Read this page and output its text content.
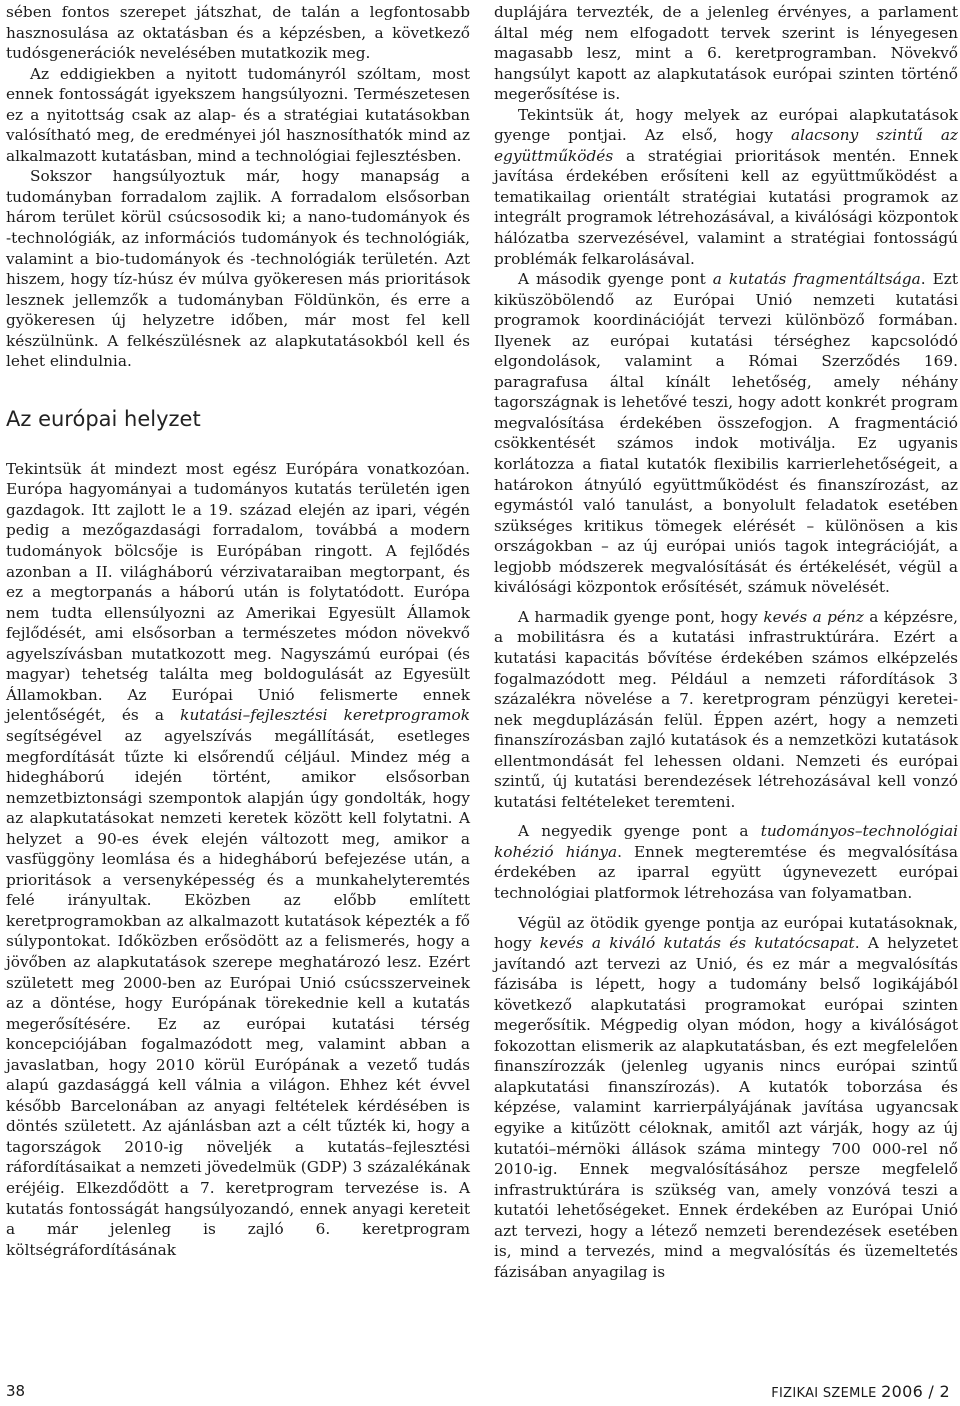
sében fontos szerepet játszhat, de talán a legfontosabb hasznosulása az oktatásban és a képzésben, a következő tudósgenerációk nevelésében mutatkozik meg.

Az eddigiekben a nyitott tudományról szóltam, most ennek fontosságát igyekszem hangsúlyozni. Természetesen ez a nyitottság csak az alap- és a stratégiai kutatásokban valósítható meg, de eredményei jól hasznosíthatók mind az alkalmazott kutatásban, mind a technológiai fejlesztésben.

Sokszor hangsúlyoztuk már, hogy manapság a tudományban forradalom zajlik. A forradalom elsősorban három terület körül csúcsosodik ki; a nano-tudományok és -technológiák, az információs tudományok és technológiák, valamint a bio-tudományok és -technológiák területén. Azt hiszem, hogy tíz-húsz év múlva gyökeresen más prioritások lesznek jellemzők a tudományban Földünkön, és erre a gyökeresen új helyzetre időben, már most fel kell készülnünk. A felkészülésnek az alapkutatásokból kell és lehet elindulnia.

Az európai helyzet

Tekintsük át mindezt most egész Európára vonatkozóan. Európa hagyományai a tudományos kutatás területén igen gazdagok. Itt zajlott le a 19. század elején az ipari, végén pedig a mezőgazdasági forradalom, továbbá a modern tudományok bölcsője is Európában ringott. A fejlődés azonban a II. világháború vérzivataraiban megtorpant, és ez a megtorpanás a háború után is folytatódott. Európa nem tudta ellensúlyozni az Amerikai Egyesült Államok fejlődését, ami elsősorban a természetes módon növekvő agyelszívásban mutatkozott meg. Nagyszámú európai (és magyar) tehetség találta meg boldogulását az Egyesült Államokban. Az Európai Unió felismerte ennek jelentőségét, és a kutatási–fejlesztési keretprogramok segítségével az agyelszívás megállítását, esetleges megfordítását tűzte ki elsőrendű céljául. Mindez még a hidegháború idején történt, amikor elsősorban nemzetbiztonsági szempontok alapján úgy gondolták, hogy az alapkutatásokat nemzeti keretek között kell folytatni. A helyzet a 90-es évek elején változott meg, amikor a vasfüggöny leomlása és a hidegháború befejezése után, a prioritások a versenyképesség és a munkahelyteremtés felé irányultak. Eközben az előbb említett keretprogramokban az alkalmazott kutatások képezték a fő súlypontokat. Időközben erősödött az a felismerés, hogy a jövőben az alapkutatások szerepe meghatározó lesz. Ezért született meg 2000-ben az Európai Unió csúcsszerveinek az a döntése, hogy Európának törekednie kell a kutatás megerősítésére. Ez az európai kutatási térség koncepciójában fogalmazódott meg, valamint abban a javaslatban, hogy 2010 körül Európának a vezető tudás alapú gazdasággá kell válnia a világon. Ehhez két évvel később Barcelonában az anyagi feltételek kérdésében is döntés született. Az ajánlásban azt a célt tűzték ki, hogy a tagországok 2010-ig növeljék a kutatás–fejlesztési ráfordításaikat a nemzeti jövedelmük (GDP) 3 százalékának eréjéig. Elkezdődött a 7. keretprogram tervezése is. A kutatás fontosságát hangsúlyozandó, ennek anyagi kereteit a már jelenleg is zajló 6. keretprogram költségráfordításának

duplájára tervezték, de a jelenleg érvényes, a parlament által még nem elfogadott tervek szerint is lényegesen magasabb lesz, mint a 6. keretprogramban. Növekvő hangsúlyt kapott az alapkutatások európai szinten történő megerősítése is.

Tekintsük át, hogy melyek az európai alapkutatások gyenge pontjai. Az első, hogy alacsony szintű az együttműködés a stratégiai prioritások mentén. Ennek javítása érdekében erősíteni kell az együttműködést a tematikailag orientált stratégiai kutatási programok az integrált programok létrehozásával, a kiválósági központok hálózatba szervezésével, valamint a stratégiai fontosságú problémák felkarolásával.

A második gyenge pont a kutatás fragmentáltsága. Ezt kiküszöbölendő az Európai Unió nemzeti kutatási programok koordinációját tervezi különböző formában. Ilyenek az európai kutatási térséghez kapcsolódó elgondolások, valamint a Római Szerződés 169. paragrafusa által kínált lehetőség, amely néhány tagországnak is lehetővé teszi, hogy adott konkrét program megvalósítása érdekében összefogjon. A fragmentáció csökkentését számos indok motiválja. Ez ugyanis korlátozza a fiatal kutatók flexibilis karrierlehetőségeit, a határokon átnyúló együttműködést és finanszírozást, az egymástól való tanulást, a bonyolult feladatok esetében szükséges kritikus tömegek elérését – különösen a kis országokban – az új európai uniós tagok integrációját, a legjobb módszerek megvalósítását és értékelését, végül a kiválósági központok erősítését, számuk növelését.

A harmadik gyenge pont, hogy kevés a pénz a képzésre, a mobilitásra és a kutatási infrastruktúrára. Ezért a kutatási kapacitás bővítése érdekében számos elképzelés fogalmazódott meg. Például a nemzeti ráfordítások 3 százalékra növelése a 7. keretprogram pénzügyi keretei-nek megduplázásán felül. Éppen azért, hogy a nemzeti finanszírozásban zajló kutatások és a nemzetközi kutatások ellentmondását fel lehessen oldani. Nemzeti és európai szintű, új kutatási berendezések létrehozásával kell vonzó kutatási feltételeket teremteni.

A negyedik gyenge pont a tudományos–technológiai kohézió hiánya. Ennek megteremtése és megvalósítása érdekében az iparral együtt úgynevezett európai technológiai platformok létrehozása van folyamatban.

Végül az ötödik gyenge pontja az európai kutatásoknak, hogy kevés a kiváló kutatás és kutatócsapat. A helyzetet javítandó azt tervezi az Unió, és ez már a megvalósítás fázisába is lépett, hogy a tudomány belső logikájából következő alapkutatási programokat európai szinten megerősítik. Mégpedig olyan módon, hogy a kiválóságot fokozottan elismerik az alapkutatásban, és ezt megfelelően finanszírozzák (jelenleg ugyanis nincs európai szintű alapkutatási finanszírozás). A kutatók toborzása és képzése, valamint karrierpályájának javítása ugyancsak egyike a kitűzött céloknak, amitől azt várják, hogy az új kutatói–mérnöki állások száma mintegy 700 000-rel nő 2010-ig. Ennek megvalósításához persze megfelelő infrastruktúrára is szükség van, amely vonzóvá teszi a kutatói lehetőségeket. Ennek érdekében az Európai Unió azt tervezi, hogy a létező nemzeti berendezések esetében is, mind a tervezés, mind a megvalósítás és üzemeltetés fázisában anyagilag is

38	FIZIKAI SZEMLE 2006 / 2
